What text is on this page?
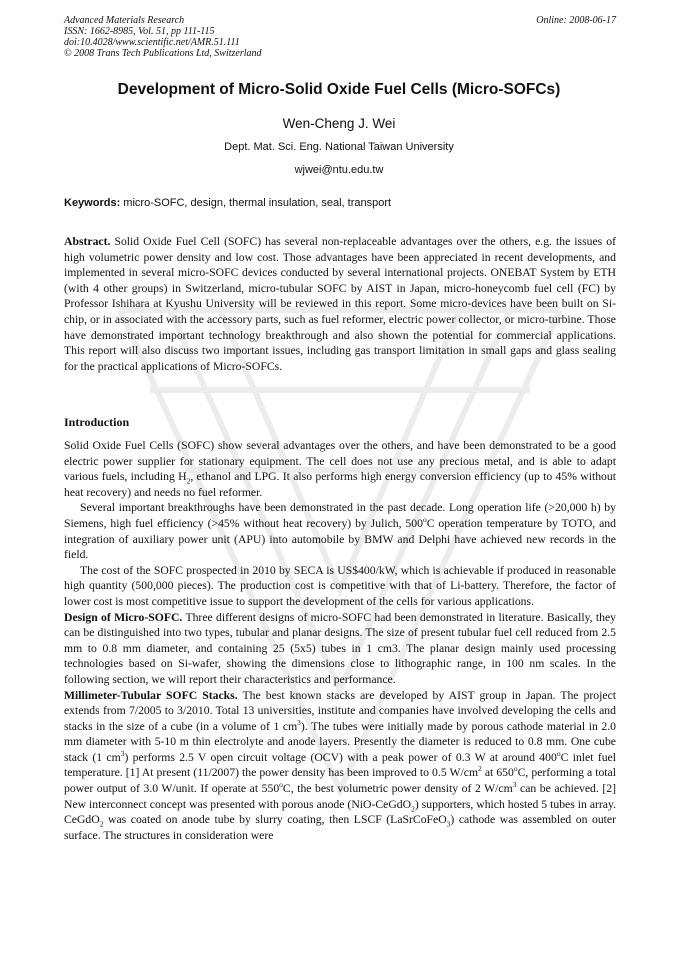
Advanced Materials Research
ISSN: 1662-8985, Vol. 51, pp 111-115
doi:10.4028/www.scientific.net/AMR.51.111
© 2008 Trans Tech Publications Ltd, Switzerland
Online: 2008-06-17
Development of Micro-Solid Oxide Fuel Cells (Micro-SOFCs)
Wen-Cheng J. Wei
Dept. Mat. Sci. Eng. National Taiwan University
wjwei@ntu.edu.tw
Keywords: micro-SOFC, design, thermal insulation, seal, transport

Abstract. Solid Oxide Fuel Cell (SOFC) has several non-replaceable advantages over the others, e.g. the issues of high volumetric power density and low cost. Those advantages have been appreciated in recent developments, and implemented in several micro-SOFC devices conducted by several international projects. ONEBAT System by ETH (with 4 other groups) in Switzerland, micro-tubular SOFC by AIST in Japan, micro-honeycomb fuel cell (FC) by Professor Ishihara at Kyushu University will be reviewed in this report. Some micro-devices have been built on Si-chip, or in associated with the accessory parts, such as fuel reformer, electric power collector, or micro-turbine. Those have demonstrated important technology breakthrough and also shown the potential for commercial applications. This report will also discuss two important issues, including gas transport limitation in small gaps and glass sealing for the practical applications of Micro-SOFCs.

Introduction

Solid Oxide Fuel Cells (SOFC) show several advantages over the others, and have been demonstrated to be a good electric power supplier for stationary equipment. The cell does not use any precious metal, and is able to adapt various fuels, including $H_2$, ethanol and LPG. It also performs high energy conversion efficiency (up to 45% without heat recovery) and needs no fuel reformer.

Several important breakthroughs have been demonstrated in the past decade. Long operation life (>20,000 h) by Siemens, high fuel efficiency (>45% without heat recovery) by Julich, 500$^o$C operation temperature by TOTO, and integration of auxiliary power unit (APU) into automobile by BMW and Delphi have achieved new records in the field.

The cost of the SOFC prospected in 2010 by SECA is US$400/kW, which is achievable if produced in reasonable high quantity (500,000 pieces). The production cost is competitive with that of Li-battery. Therefore, the factor of lower cost is most competitive issue to support the development of the cells for various applications.

Design of Micro-SOFC. Three different designs of micro-SOFC had been demonstrated in literature. Basically, they can be distinguished into two types, tubular and planar designs. The size of present tubular fuel cell reduced from 2.5 mm to 0.8 mm diameter, and containing 25 (5x5) tubes in 1 cm3. The planar design mainly used processing technologies based on Si-wafer, showing the dimensions close to lithographic range, in 100 nm scales. In the following section, we will report their characteristics and performance.

Millimeter-Tubular SOFC Stacks. The best known stacks are developed by AIST group in Japan. The project extends from 7/2005 to 3/2010. Total 13 universities, institute and companies have involved developing the cells and stacks in the size of a cube (in a volume of 1 $cm^3$). The tubes were initially made by porous cathode material in 2.0 mm diameter with 5-10 m thin electrolyte and anode layers. Presently the diameter is reduced to 0.8 mm. One cube stack (1 $cm^3$) performs 2.5 V open circuit voltage (OCV) with a peak power of 0.3 W at around 400$^o$C inlet fuel temperature. [1] At present (11/2007) the power density has been improved to 0.5 $W/cm^2$ at 650$^o$C, performing a total power output of 3.0 W/unit. If operate at 550$^o$C, the best volumetric power density of 2 $W/cm^3$ can be achieved. [2] New interconnect concept was presented with porous anode (NiO-CeGdO$_2$) supporters, which hosted 5 tubes in array. CeGdO$_2$ was coated on anode tube by slurry coating, then LSCF (LaSrCoFeO$_3$) cathode was assembled on outer surface. The structures in consideration were
